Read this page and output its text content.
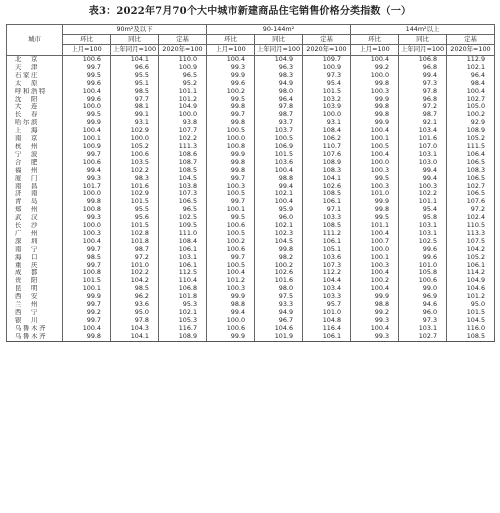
表3：2022年7月70个大中城市新建商品住宅销售价格分类指数（一）
城市	90m²及以下			90-144m²			144m²以上		
	环比	同比	定基	环比	同比	定基	环比	同比	定基
	上月=100	上年同月=100	2020年=100	上月=100	上年同月=100	2020年=100	上月=100	上年同月=100	2020年=100
北　京	100.6	104.1	110.0	100.4	104.9	109.7	100.4	106.8	112.9
天　津	99.7	96.6	100.9	99.3	96.3	100.9	99.2	96.8	102.1
石家庄	99.5	95.5	96.5	99.9	98.3	97.3	100.0	99.4	96.4
太　原	99.6	95.1	95.2	99.6	94.9	95.4	99.8	97.3	98.4
呼和浩特	100.4	98.5	101.1	100.2	98.0	101.5	100.3	97.8	100.4
沈　阳	99.6	97.7	101.2	99.5	96.4	103.2	99.9	96.8	102.7
大　连	100.0	98.1	104.9	99.8	97.8	103.9	99.8	97.2	105.0
长　春	99.5	99.1	100.0	99.7	98.7	100.0	99.8	98.7	100.2
哈尔滨	99.9	93.1	93.8	99.8	93.7	93.1	99.9	92.1	92.9
上　海	100.4	102.9	107.7	100.5	103.7	108.4	100.4	103.4	108.9
南　京	100.1	100.0	102.2	100.0	100.5	106.2	100.1	101.6	105.2
杭　州	100.9	105.2	111.3	100.8	106.9	110.7	100.5	107.0	111.5
宁　波	99.7	100.6	108.6	99.9	101.5	107.6	100.4	103.1	106.4
合　肥	100.6	103.5	108.7	99.8	103.6	108.9	100.0	103.0	106.5
福　州	99.4	102.2	108.5	99.8	100.4	108.3	100.3	99.4	108.3
厦　门	99.3	98.3	104.5	99.7	98.8	104.1	99.5	99.4	106.5
南　昌	101.7	101.6	103.8	100.3	99.4	102.6	100.3	100.3	102.7
济　南	100.0	102.9	107.3	100.5	102.1	108.5	101.0	102.2	106.5
青　岛	99.8	101.5	106.5	99.7	100.4	106.1	99.9	101.1	107.6
郑　州	100.8	95.5	96.5	100.1	95.9	97.1	99.8	95.4	97.2
武　汉	99.3	95.6	102.5	99.5	96.0	103.3	99.5	95.8	102.4
长　沙	100.0	101.5	109.5	100.6	102.1	108.5	101.1	103.1	110.5
广　州	100.3	102.8	111.0	100.5	102.3	111.2	100.4	103.1	113.3
深　圳	100.4	101.8	108.4	100.2	104.5	106.1	100.7	102.5	107.5
南　宁	99.7	98.7	106.1	100.6	99.8	105.1	100.0	99.6	104.2
海　口	98.5	97.2	103.1	99.7	98.2	103.6	100.1	99.6	105.2
重　庆	99.7	101.0	106.1	100.5	100.2	107.3	100.3	101.0	106.1
成　都	100.8	102.2	112.5	100.4	102.6	112.2	100.4	105.8	114.2
贵　阳	101.5	104.2	110.4	101.2	101.6	104.4	100.2	100.6	104.9
昆　明	100.1	98.5	106.8	100.3	98.0	103.4	100.4	99.0	104.6
西　安	99.9	96.2	101.8	99.9	97.5	103.3	99.9	96.9	101.2
兰　州	99.7	93.6	95.3	98.8	93.3	95.7	98.8	94.6	95.0
西　宁	99.2	95.0	102.1	99.4	94.9	101.0	99.2	96.0	101.5
银　川	99.7	97.8	105.3	100.0	96.7	104.8	99.3	97.3	104.5
乌鲁木齐	100.4	104.3	116.7	100.6	104.6	116.4	100.4	103.1	116.0
乌鲁木齐	99.8	104.1	108.9	99.9	101.9	106.1	99.3	102.7	108.5
